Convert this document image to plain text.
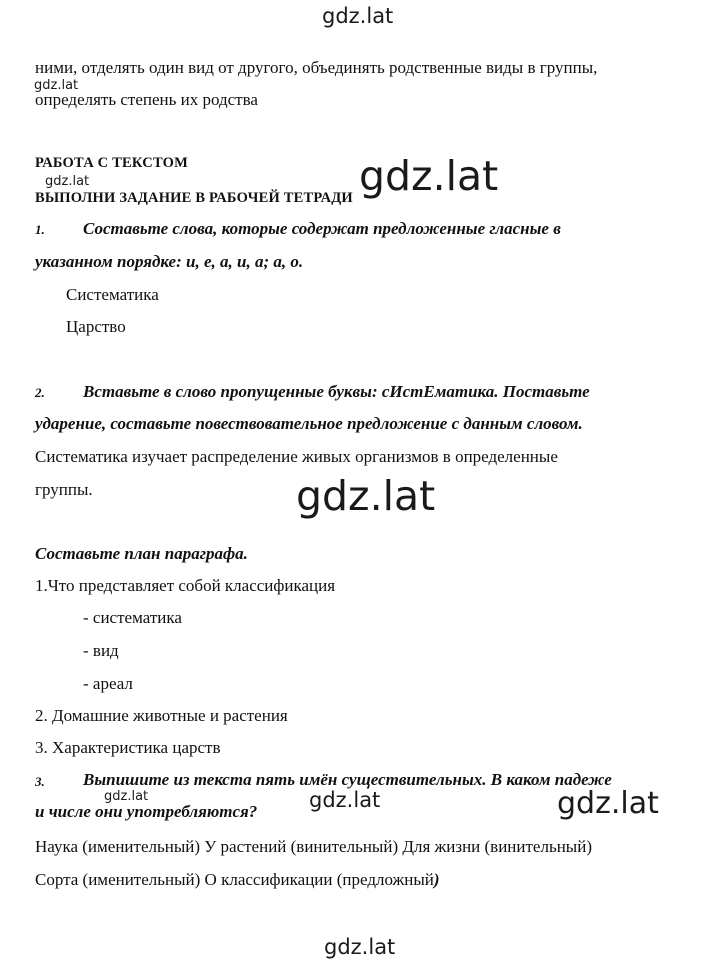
gdz.lat
ними, отделять один вид от другого, объединять родственные виды в группы,
определять степень их родства
gdz.lat
РАБОТА С ТЕКСТОМ
ВЫПОЛНИ ЗАДАНИЕ В РАБОЧЕЙ ТЕТРАДИ
gdz.lat	gdz.lat
1. Составьте слова, которые содержат предложенные гласные в
указанном порядке: и, е, а, и, а; а, о.
Систематика
Царство
2. Вставьте в слово пропущенные буквы: сИстЕматика. Поставьте
ударение, составьте повествовательное предложение с данным словом.
Систематика изучает распределение живых организмов в определенные
группы.	gdz.lat
Составьте план параграфа.
1.Что представляет собой классификация
- систематика
- вид
- ареал
2. Домашние животные и растения
3. Характеристика царств
3. Выпишите из текста пять имён существительных. В каком падеже
и числе они употребляются?
gdz.lat	gdz.lat	gdz.lat
Наука (именительный) У растений (винительный) Для жизни (винительный)
Сорта (именительный) О классификации (предложный)
gdz.lat
